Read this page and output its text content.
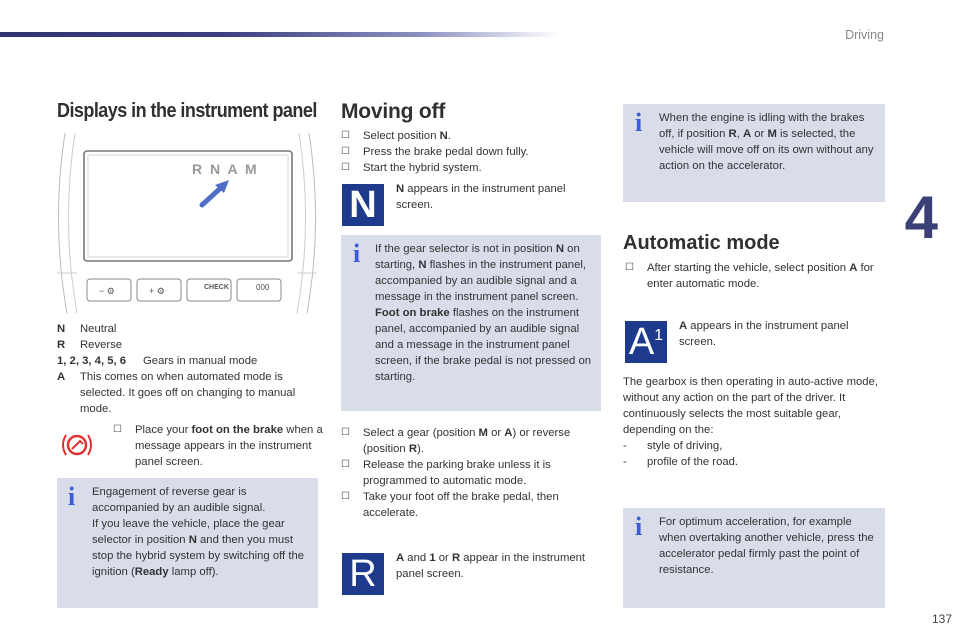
Driving
4
137
Displays in the instrument panel
− ⚙	+ ⚙
R N A M
CHECK	000
N Neutral
R Reverse
1, 2, 3, 4, 5, 6 Gears in manual mode
A This comes on when automated mode is selected. It goes off on changing to manual mode.
☐ Place your foot on the brake when a message appears in the instrument panel screen.
i Engagement of reverse gear is accompanied by an audible signal.
If you leave the vehicle, place the gear selector in position N and then you must stop the hybrid system by switching off the ignition (Ready lamp off).
Moving off
☐ Select position N.
☐ Press the brake pedal down fully.
☐ Start the hybrid system.
N	N appears in the instrument panel screen.
i If the gear selector is not in position N on starting, N flashes in the instrument panel, accompanied by an audible signal and a message in the instrument panel screen.
Foot on brake flashes on the instrument panel, accompanied by an audible signal and a message in the instrument panel screen, if the brake pedal is not pressed on starting.
☐ Select a gear (position M or A) or reverse (position R).
☐ Release the parking brake unless it is programmed to automatic mode.
☐ Take your foot off the brake pedal, then accelerate.
R	A and 1 or R appear in the instrument panel screen.
i When the engine is idling with the brakes off, if position R, A or M is selected, the vehicle will move off on its own without any action on the accelerator.
Automatic mode
☐ After starting the vehicle, select position A for enter automatic mode.
$A^1$
A appears in the instrument panel screen.
The gearbox is then operating in auto-active mode, without any action on the part of the driver. It continuously selects the most suitable gear, depending on the:
- style of driving,
- profile of the road.
i For optimum acceleration, for example when overtaking another vehicle, press the accelerator pedal firmly past the point of resistance.
